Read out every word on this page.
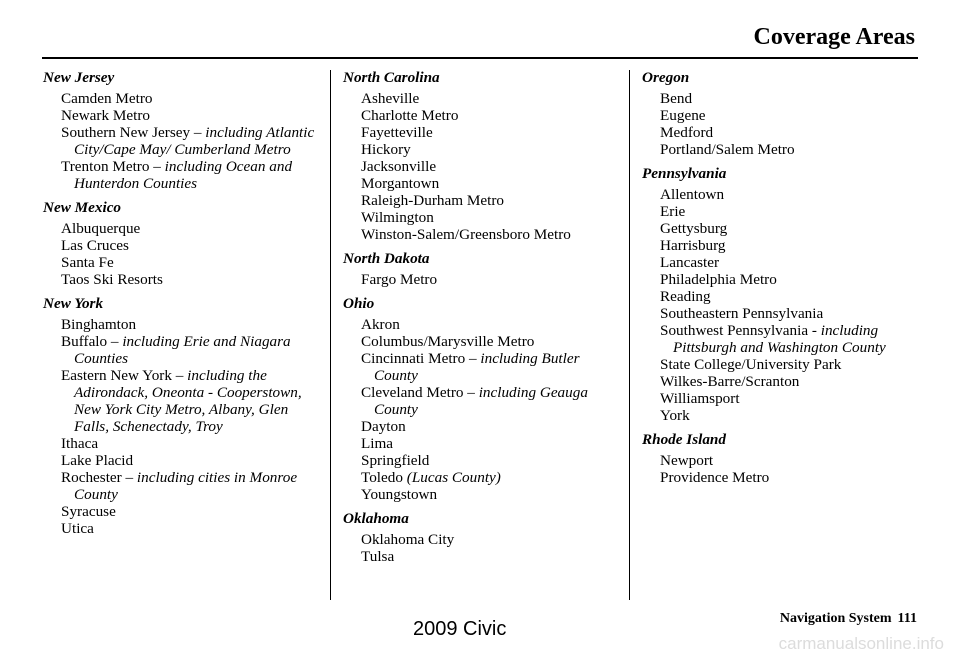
Coverage Areas
New Jersey
Camden Metro
Newark Metro
Southern New Jersey – including Atlantic City/Cape May/ Cumberland Metro
Trenton Metro – including Ocean and Hunterdon Counties
New Mexico
Albuquerque
Las Cruces
Santa Fe
Taos Ski Resorts
New York
Binghamton
Buffalo – including Erie and Niagara Counties
Eastern New York – including the Adirondack, Oneonta - Cooperstown, New York City Metro, Albany, Glen Falls, Schenectady, Troy
Ithaca
Lake Placid
Rochester – including cities in Monroe County
Syracuse
Utica
North Carolina
Asheville
Charlotte Metro
Fayetteville
Hickory
Jacksonville
Morgantown
Raleigh-Durham Metro
Wilmington
Winston-Salem/Greensboro Metro
North Dakota
Fargo Metro
Ohio
Akron
Columbus/Marysville Metro
Cincinnati Metro – including Butler County
Cleveland Metro – including Geauga County
Dayton
Lima
Springfield
Toledo (Lucas County)
Youngstown
Oklahoma
Oklahoma City
Tulsa
Oregon
Bend
Eugene
Medford
Portland/Salem Metro
Pennsylvania
Allentown
Erie
Gettysburg
Harrisburg
Lancaster
Philadelphia Metro
Reading
Southeastern Pennsylvania
Southwest Pennsylvania - including Pittsburgh and Washington County
State College/University Park
Wilkes-Barre/Scranton
Williamsport
York
Rhode Island
Newport
Providence Metro
Navigation System 111
2009 Civic
carmanualsonline.info
